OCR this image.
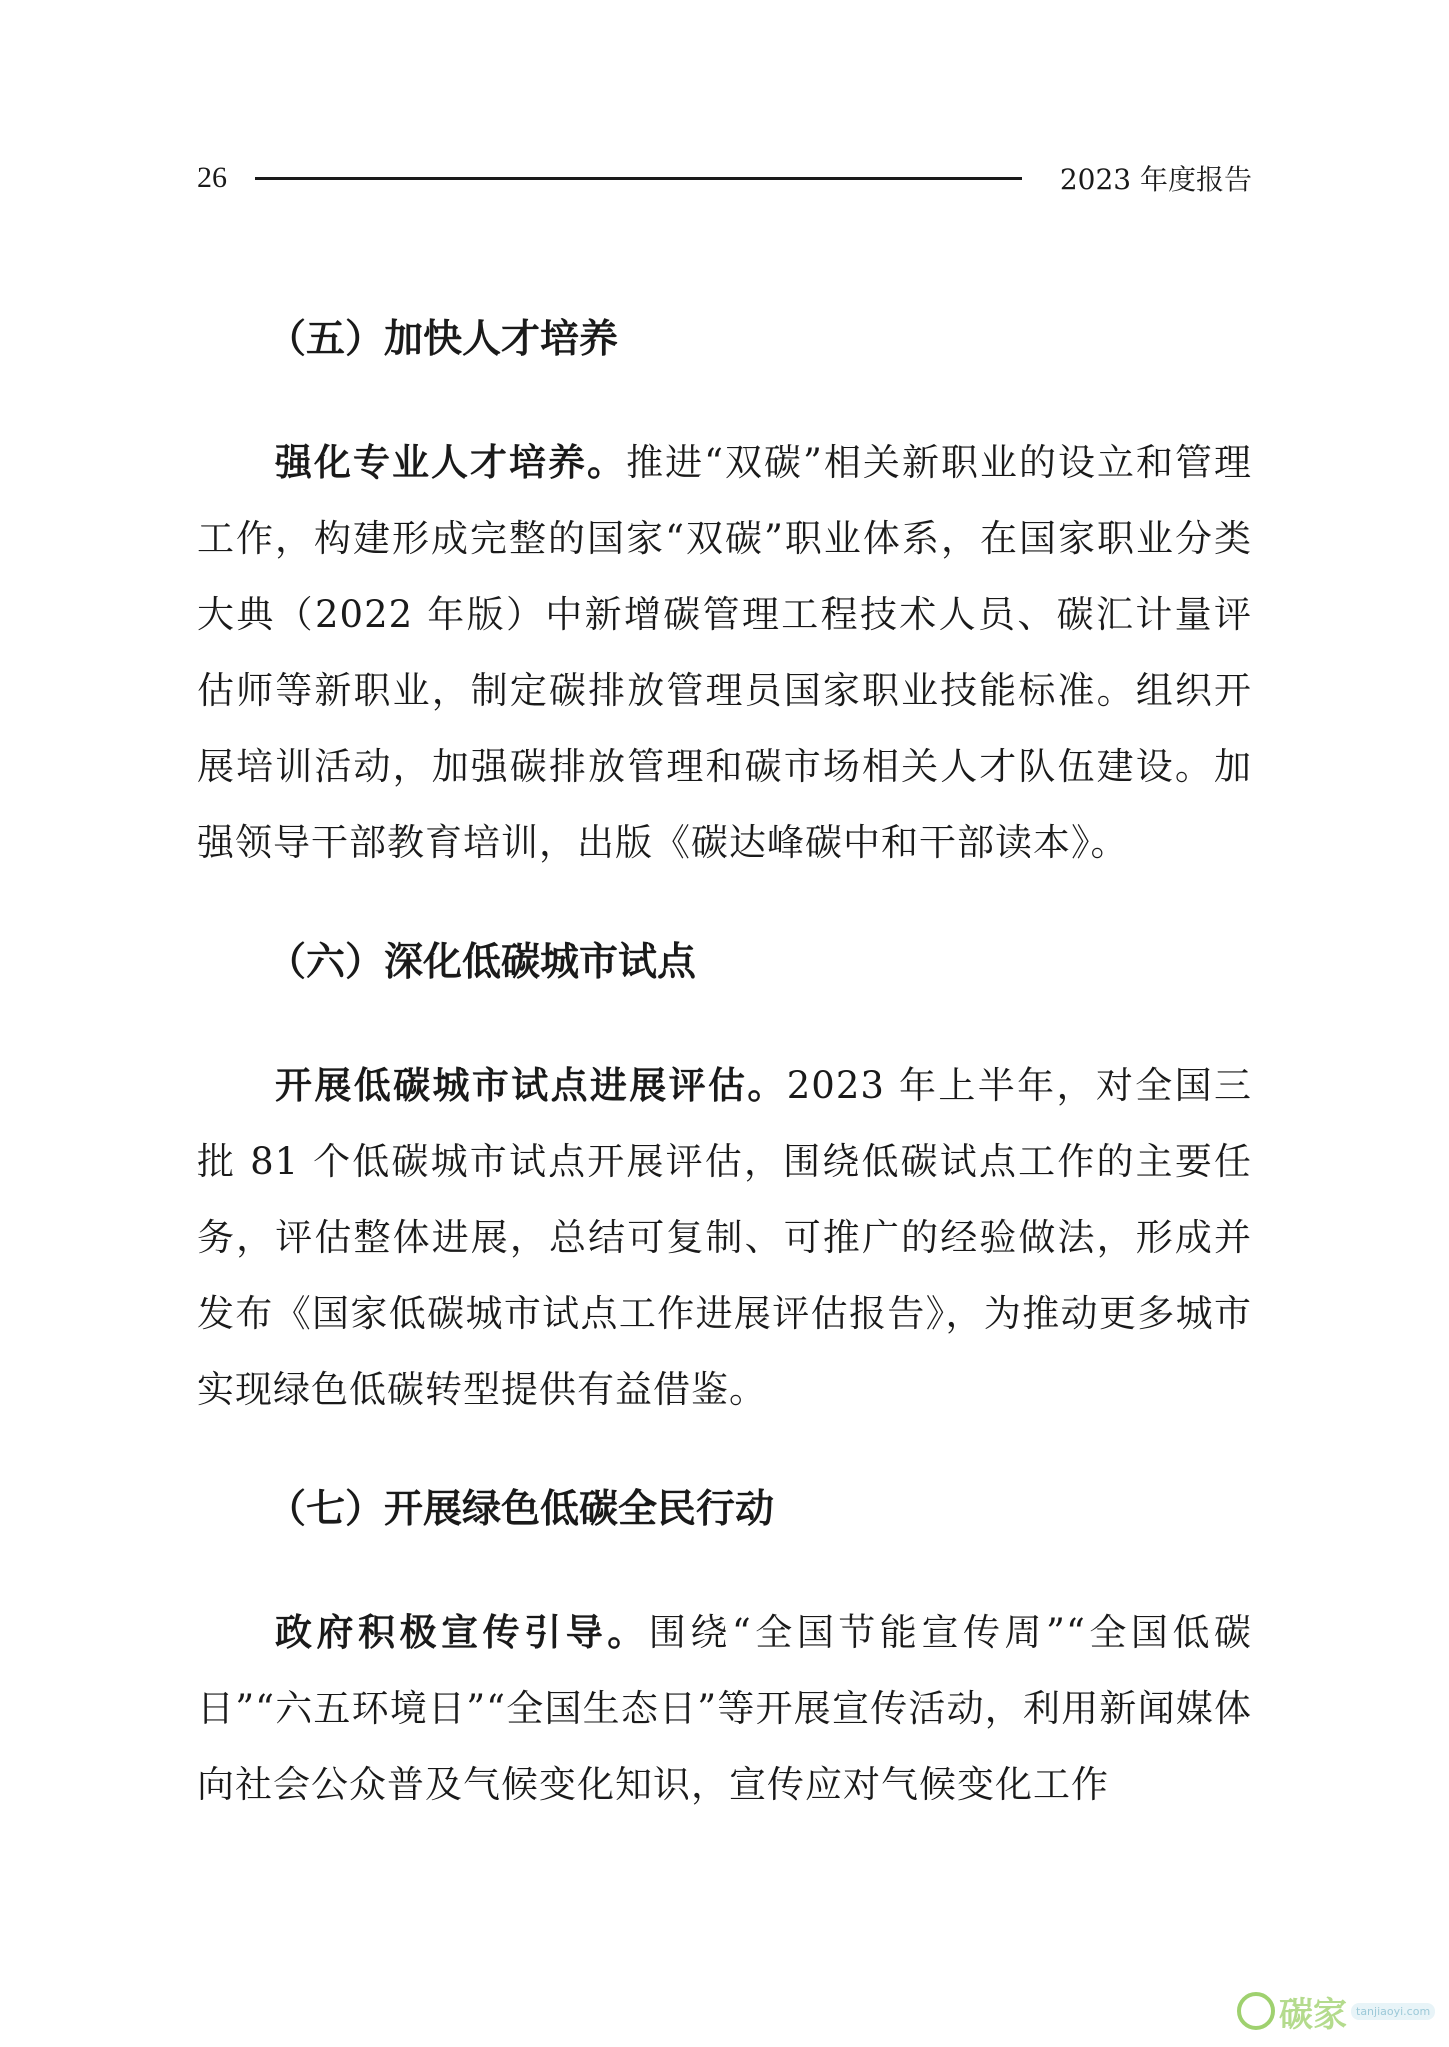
26	2023 年度报告
（五）加快人才培养

强化专业人才培养。推进“双碳”相关新职业的设立和管理工作，构建形成完整的国家“双碳”职业体系，在国家职业分类大典（2022 年版）中新增碳管理工程技术人员、碳汇计量评估师等新职业，制定碳排放管理员国家职业技能标准。组织开展培训活动，加强碳排放管理和碳市场相关人才队伍建设。加强领导干部教育培训，出版《碳达峰碳中和干部读本》。

（六）深化低碳城市试点

开展低碳城市试点进展评估。2023 年上半年，对全国三批 81 个低碳城市试点开展评估，围绕低碳试点工作的主要任务，评估整体进展，总结可复制、可推广的经验做法，形成并发布《国家低碳城市试点工作进展评估报告》，为推动更多城市实现绿色低碳转型提供有益借鉴。

（七）开展绿色低碳全民行动

政府积极宣传引导。围绕“全国节能宣传周”“全国低碳日”“六五环境日”“全国生态日”等开展宣传活动，利用新闻媒体向社会公众普及气候变化知识，宣传应对气候变化工作

碳家 tanjiaoyi.com
